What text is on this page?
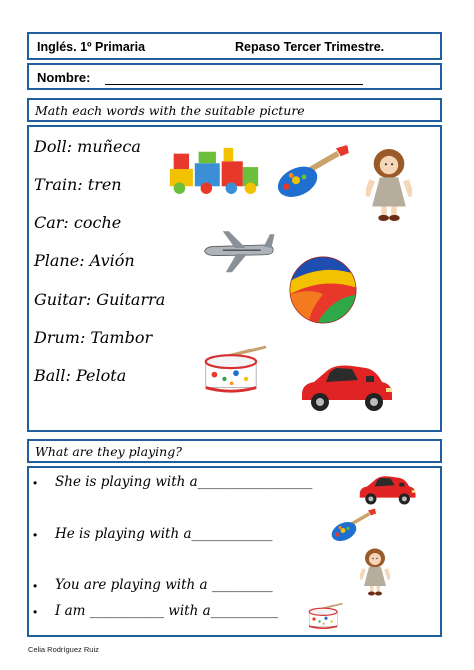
Inglés. 1º Primaria	Repaso Tercer Trimestre.
Nombre:
Math each words with the suitable picture
Doll: muñeca
Train: tren
Car: coche
Plane: Avión
Guitar: Guitarra
Drum: Tambor
Ball: Pelota
What are they playing?
• She is playing with a_________________
• He is playing with a____________
• You are playing with a _________
• I am ___________ with a__________
Celia Rodríguez Ruiz
